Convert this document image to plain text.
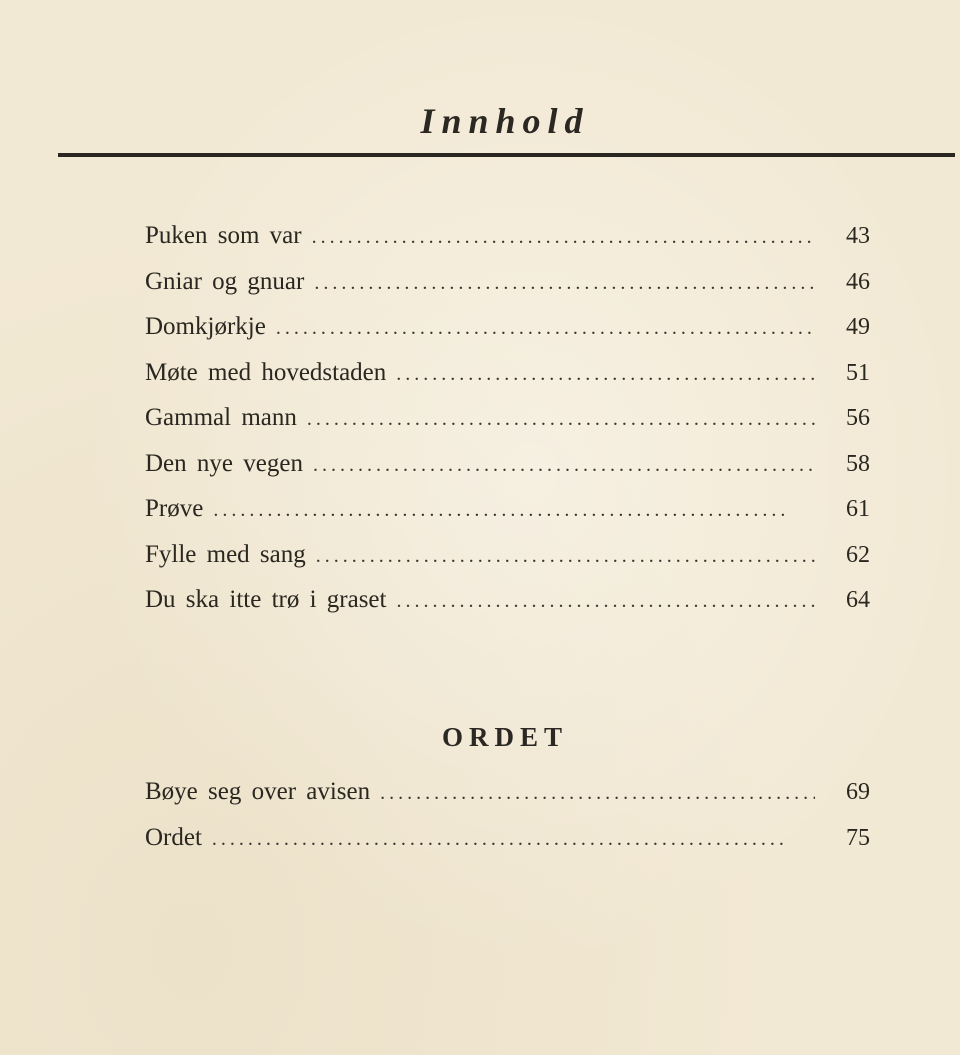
Innhold
Puken som var . . .	43
Gniar og gnuar . . .	46
Domkjørkje . . .	49
Møte med hovedstaden . . .	51
Gammal mann . . .	56
Den nye vegen . . .	58
Prøve . . .	61
Fylle med sang . . .	62
Du ska itte trø i graset . . .	64
ORDET
Bøye seg over avisen . . .	69
Ordet . . .	75
